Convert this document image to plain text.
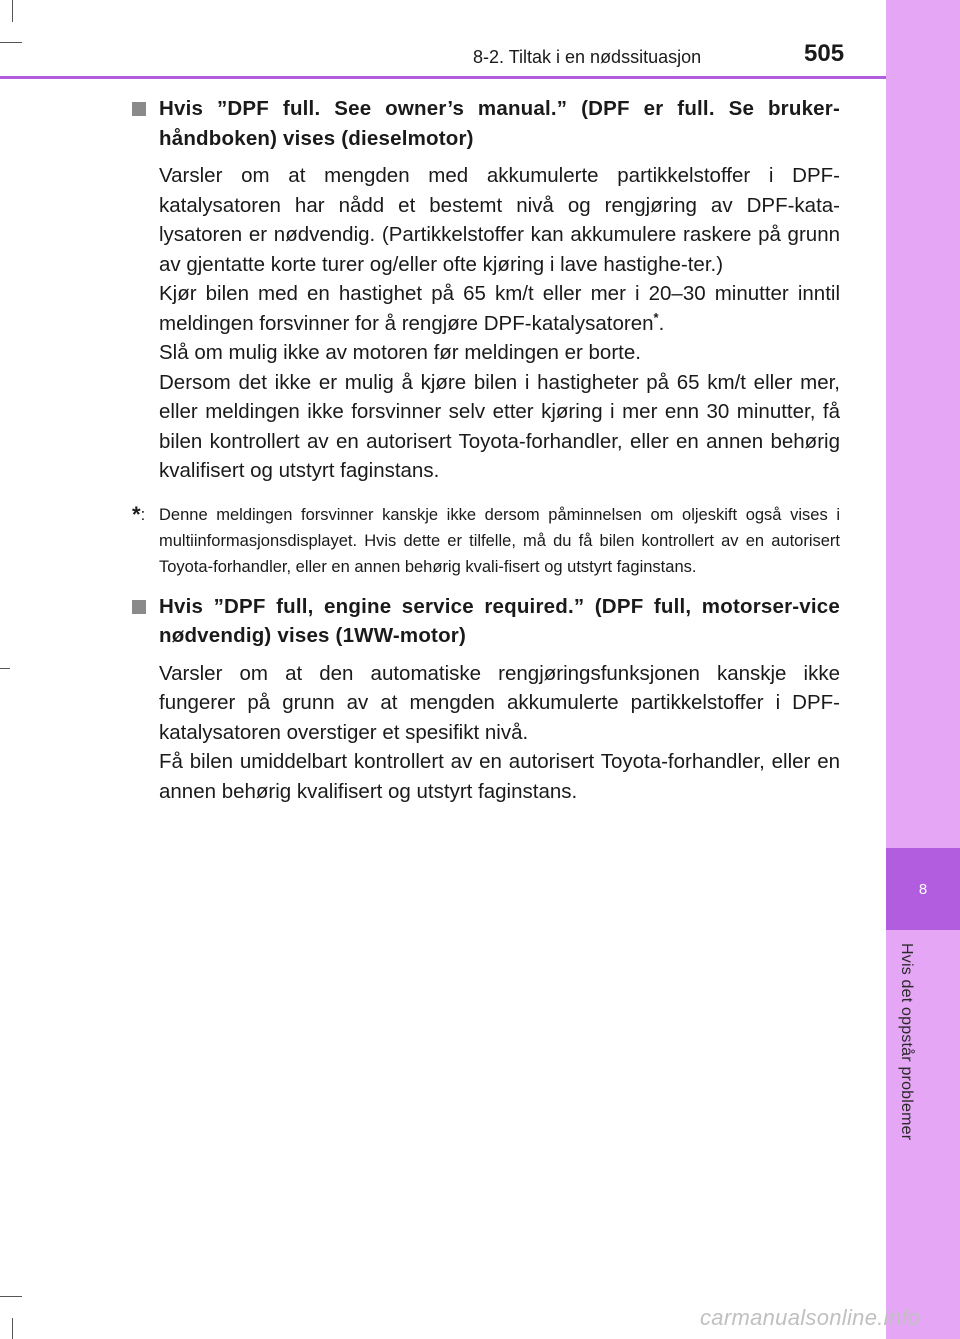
8
Hvis det oppstår problemer
8-2. Tiltak i en nødssituasjon	505
Hvis ”DPF full. See owner’s manual.” (DPF er full. Se bruker-håndboken) vises (dieselmotor)

Varsler om at mengden med akkumulerte partikkelstoffer i DPF-katalysatoren har nådd et bestemt nivå og rengjøring av DPF-kata-lysatoren er nødvendig. (Partikkelstoffer kan akkumulere raskere på grunn av gjentatte korte turer og/eller ofte kjøring i lave hastighe-ter.)

Kjør bilen med en hastighet på 65 km/t eller mer i 20–30 minutter inntil meldingen forsvinner for å rengjøre DPF-katalysatoren*.

Slå om mulig ikke av motoren før meldingen er borte.

Dersom det ikke er mulig å kjøre bilen i hastigheter på 65 km/t eller mer, eller meldingen ikke forsvinner selv etter kjøring i mer enn 30 minutter, få bilen kontrollert av en autorisert Toyota-forhandler, eller en annen behørig kvalifisert og utstyrt faginstans.

*: Denne meldingen forsvinner kanskje ikke dersom påminnelsen om oljeskift også vises i multiinformasjonsdisplayet. Hvis dette er tilfelle, må du få bilen kontrollert av en autorisert Toyota-forhandler, eller en annen behørig kvali-fisert og utstyrt faginstans.
Hvis ”DPF full, engine service required.” (DPF full, motorser-vice nødvendig) vises (1WW-motor)

Varsler om at den automatiske rengjøringsfunksjonen kanskje ikke fungerer på grunn av at mengden akkumulerte partikkelstoffer i DPF-katalysatoren overstiger et spesifikt nivå.

Få bilen umiddelbart kontrollert av en autorisert Toyota-forhandler, eller en annen behørig kvalifisert og utstyrt faginstans.

carmanualsonline.info
